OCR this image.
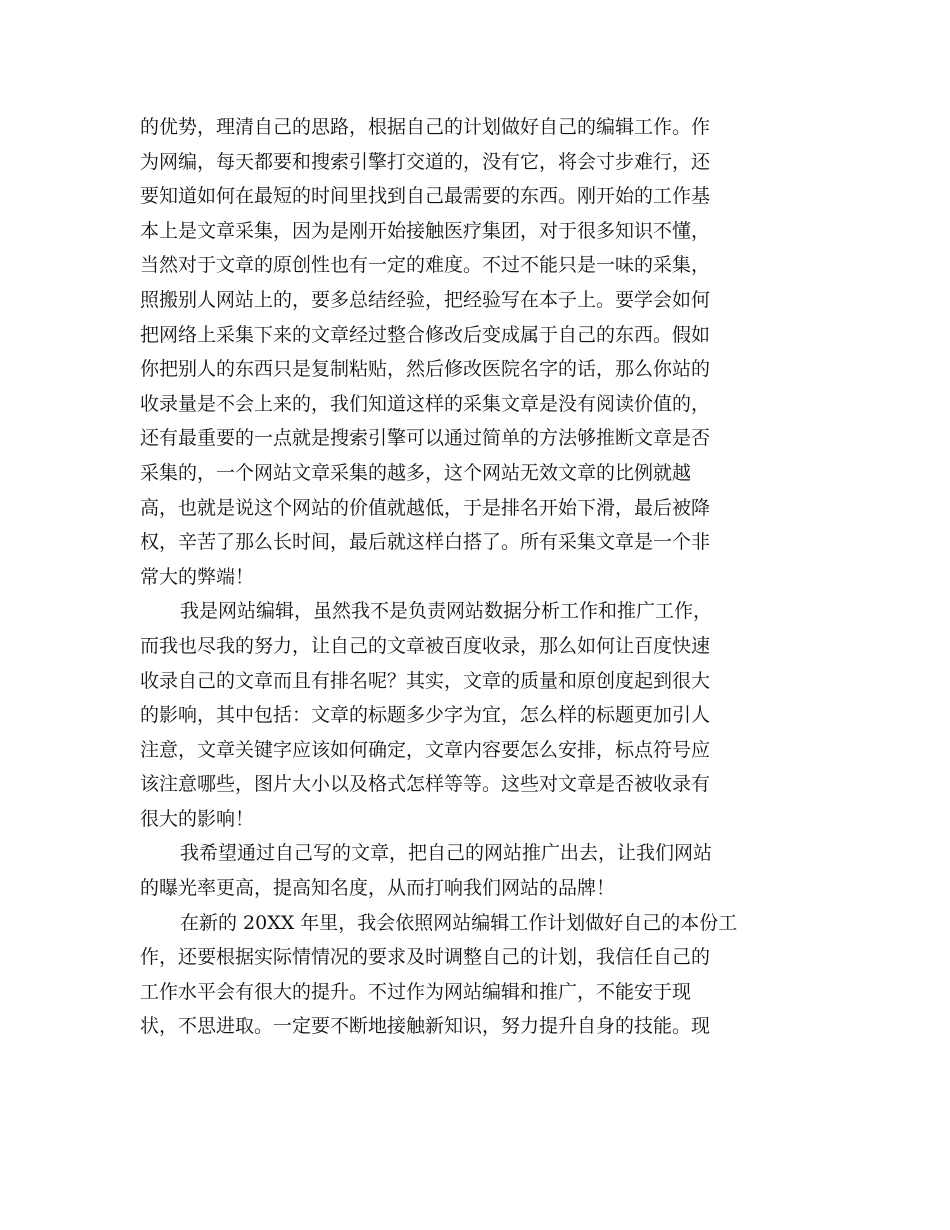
的优势，理清自己的思路，根据自己的计划做好自己的编辑工作。作
为网编，每天都要和搜索引擎打交道的，没有它，将会寸步难行，还
要知道如何在最短的时间里找到自己最需要的东西。刚开始的工作基
本上是文章采集，因为是刚开始接触医疗集团，对于很多知识不懂，
当然对于文章的原创性也有一定的难度。不过不能只是一味的采集，
照搬别人网站上的，要多总结经验，把经验写在本子上。要学会如何
把网络上采集下来的文章经过整合修改后变成属于自己的东西。假如
你把别人的东西只是复制粘贴，然后修改医院名字的话，那么你站的
收录量是不会上来的，我们知道这样的采集文章是没有阅读价值的，
还有最重要的一点就是搜索引擎可以通过简单的方法够推断文章是否
采集的，一个网站文章采集的越多，这个网站无效文章的比例就越
高，也就是说这个网站的价值就越低，于是排名开始下滑，最后被降
权，辛苦了那么长时间，最后就这样白搭了。所有采集文章是一个非
常大的弊端！
我是网站编辑，虽然我不是负责网站数据分析工作和推广工作，
而我也尽我的努力，让自己的文章被百度收录，那么如何让百度快速
收录自己的文章而且有排名呢？其实，文章的质量和原创度起到很大
的影响，其中包括：文章的标题多少字为宜，怎么样的标题更加引人
注意，文章关键字应该如何确定，文章内容要怎么安排，标点符号应
该注意哪些，图片大小以及格式怎样等等。这些对文章是否被收录有
很大的影响！
我希望通过自己写的文章，把自己的网站推广出去，让我们网站
的曝光率更高，提高知名度，从而打响我们网站的品牌！
在新的 20XX 年里，我会依照网站编辑工作计划做好自己的本份工
作，还要根据实际情情况的要求及时调整自己的计划，我信任自己的
工作水平会有很大的提升。不过作为网站编辑和推广，不能安于现
状，不思进取。一定要不断地接触新知识，努力提升自身的技能。现
